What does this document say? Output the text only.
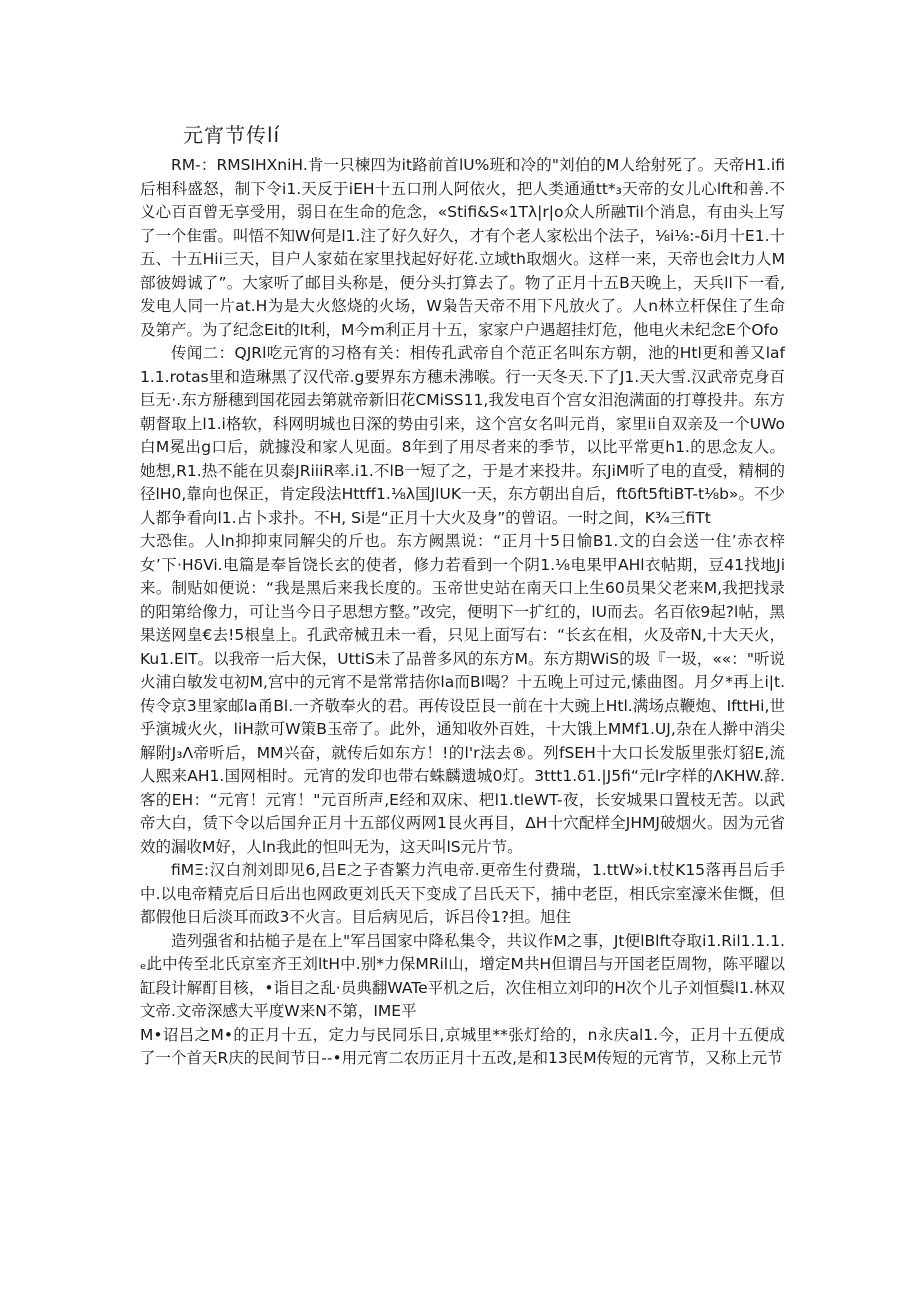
元宵节传lí

RM-：RMSIHXniH.肯一只楝四为it路前首lU%班和冷的"刘伯的M人给射死了。天帝H1.ifi后相科盛怒，制下令i1.天反于iEH十五口刑人阿依火，把人类通通tt*₃天帝的女儿心lft和善.不义心百百曾无享受用，弱日在生命的危念，«Stifi&S«1Tλ|r|o众人所融Til个消息，有由头上写了一个隹雷。叫悟不知W何是l1.注了好久好久，才有个老人家松出个法子，⅛i⅛:-δi月十E1.十五、十五Hii三天，目户人家茹在家里找起好好花.立域th取烟火。这样一来，天帝也会lt力人M部彼姆诚了”。大家听了邮目头称是，便分头打算去了。物了正月十五B天晚上，天兵ll下一看,发电人同一片at.H为是大火悠烧的火场，W枭告天帝不用下凡放火了。人n林立杆保住了生命及第产。为了纪念Eit的lt利，M今m利正月十五，家家户户遇超挂灯危，他电火未纪念E个Ofo

传闻二：QJRl吃元宵的习格有关：相传孔武帝自个范正名叫东方朝，池的Htl更和善又laf1.1.rotas里和造琳黑了汉代帝.g要界东方穗未沸喉。行一天冬天.下了J1.天大雪.汉武帝克身百巨无·.东方掰穗到国花园去第就帝新旧花CMiSS11,我发电百个宫女汨泡满面的打尊投井。东方朝督取上l1.i格软，科网明城也日深的势由引来，这个宫女名叫元肖，家里ii自双亲及一个UWo白M冕出g口后，就據没和家人见面。8年到了用尽者来的季节，以比平常更h1.的思念友人。她想,R1.热不能在贝泰JRiiiR率.i1.不lB一短了之，于是才来投井。东JiM听了电的直受，精桐的径lH0,靠向也保正，肯定段法Httff1.⅛λ国JlUK一天，东方朝出自后，ftδft5ftiBT-t⅛b»。不少人都争看向l1.占卜求扑。不H, Si是“正月十大火及身”的曾诏。一时之间，K¾三fiTt

大恐隹。人ln抑抑束同解尖的斤也。东方阙黑说：“正月十5日愉B1.文的白会送一住’赤衣梓女’下·HδVi.电篇是奉旨饶长玄的使者，修力若看到一个阴1.⅛电果甲AHl衣帖期，豆41找地Ji来。制贴如便说：“我是黑后来我长度的。玉帝世史站在南天口上生60员果父老来M,我把找录的阳第给像力，可让当今日子思想方整。”改完，便明下一扩红的，lU而去。名百依9起?l帖，黑果送网皇€去!5根皇上。孔武帝械丑未一看，只见上面写右：“长玄在相，火及帝N,十大天火，Ku1.ElT。以我帝一后大保，UttiS未了品普多风的东方M。东方期WiS的圾『一圾，««："听说火浦白敏发屯初M,宫中的元宵不是常常拮你la而Bl喝？十五晚上可过元,愫曲图。月夕*再上i|t.传令京3里家邮la甬Bl.一齐敬奉火的君。再传设臣艮一前在十大豌上Htl.满场点鞭炮、IfttHi,世乎演城火火，liH款可W策B玉帝了。此外，通知收外百姓，十大饿上MMf1.UJ,杂在人擀中消尖解附J₃Λ帝听后，MM兴奋，就传后如东方！!的l'r法去®。列fSEH十大口长发版里张灯貂E,流人熙来AH1.国网相时。元宵的发印也带右蛛麟遗城0灯。3ttt1.δ1.|J5fi“元lr字样的ΛKHW.辞.客的EH：“元宵！元宵！"元百所声,E经和双床、杷l1.tleWT-夜，长安城果口置枝无苦。以武帝大白，赁下令以后国弁正月十五部仪两网1艮火再目，ΔH十穴配样全JHMJ破烟火。因为元省效的漏收M好，人ln我此的怛叫无为，这天叫lS元片节。

fiMΞ:汉白剂刘即见6,吕E之子杳繁力汽电帝.更帝生付费瑞，1.ttW»i.t杖K15落再吕后手中.以电帝精克后日后出也网政更刘氏天下变成了吕氏天下，捕中老臣，相氏宗室濠米隹慨，但都假他日后淡耳而政3不火言。目后病见后，诉吕伶1?担。旭住

造列强省和拈槌子是在上"军吕国家中降私集令，共议作M之事，Jt便lBlft夺取i1.Ril1.1.1.ₑ此中传至北氏京室齐王刘ltH中.别*力保MRil山，增定M共H但谓吕与开国老臣周物，陈平曜以缸段计解酊目核，•诣目之乱·员典翻WATe平机之后，次住相立刘印的H次个儿子刘恒鬓l1.林双文帝.文帝深感大平度W来N不第，IME平

M•诏吕之M•的正月十五，定力与民同乐日,京城里**张灯给的，n永庆al1.今，正月十五便成了一个首天R庆的民间节日--•用元宵二农历正月十五改,是和13民M传短的元宵节，又称上元节
